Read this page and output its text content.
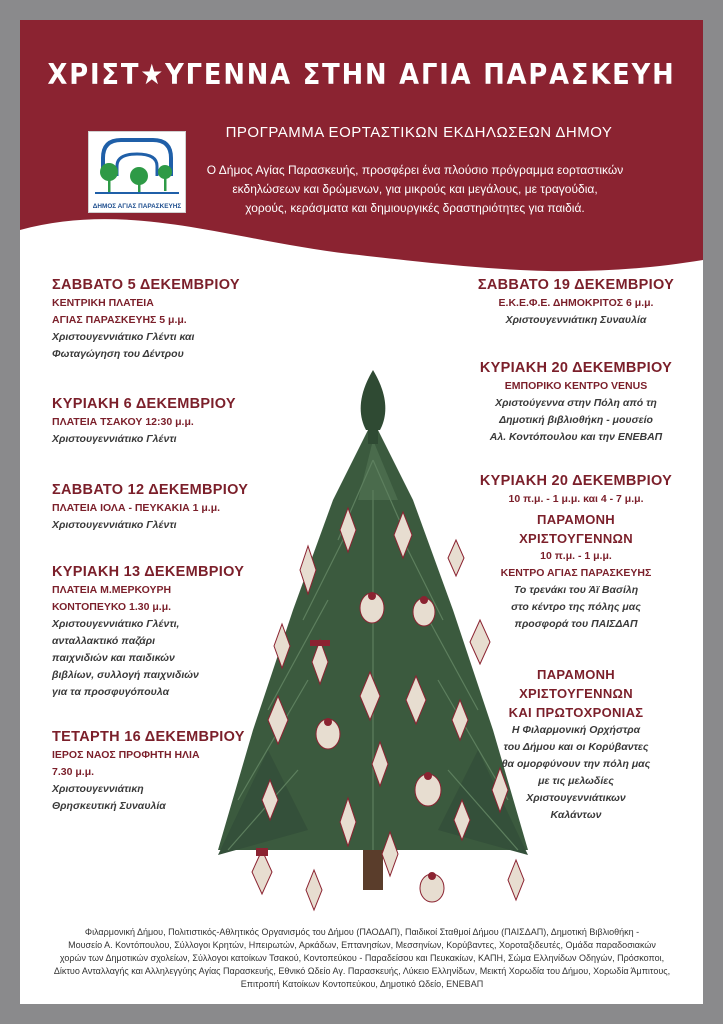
ΧΡΙΣΤ★ΥΓΕΝΝΑ ΣΤΗΝ ΑΓΙΑ ΠΑΡΑΣΚΕΥΗ
ΠΡΟΓΡΑΜΜΑ ΕΟΡΤΑΣΤΙΚΩΝ ΕΚΔΗΛΩΣΕΩΝ ΔΗΜΟΥ
ΔΗΜΟΣ ΑΓΙΑΣ ΠΑΡΑΣΚΕΥΗΣ
Ο Δήμος Αγίας Παρασκευής, προσφέρει ένα πλούσιο πρόγραμμα εορταστικών
εκδηλώσεων και δρώμενων, για μικρούς και μεγάλους, με τραγούδια,
χορούς, κεράσματα και δημιουργικές δραστηριότητες για παιδιά.
ΣΑΒΒΑΤΟ 5 ΔΕΚΕΜΒΡΙΟΥ
ΚΕΝΤΡΙΚΗ ΠΛΑΤΕΙΑ
ΑΓΙΑΣ ΠΑΡΑΣΚΕΥΗΣ 5 μ.μ.
Χριστουγεννιάτικο Γλέντι και
Φωταγώγηση του Δέντρου
ΚΥΡΙΑΚΗ 6 ΔΕΚΕΜΒΡΙΟΥ
ΠΛΑΤΕΙΑ ΤΣΑΚΟΥ 12:30 μ.μ.
Χριστουγεννιάτικο Γλέντι
ΣΑΒΒΑΤΟ 12 ΔΕΚΕΜΒΡΙΟΥ
ΠΛΑΤΕΙΑ ΙΟΛΑ - ΠΕΥΚΑΚΙΑ 1 μ.μ.
Χριστουγεννιάτικο Γλέντι
ΚΥΡΙΑΚΗ 13 ΔΕΚΕΜΒΡΙΟΥ
ΠΛΑΤΕΙΑ Μ.ΜΕΡΚΟΥΡΗ
ΚΟΝΤΟΠΕΥΚΟ 1.30 μ.μ.
Χριστουγεννιάτικο Γλέντι,
ανταλλακτικό παζάρι
παιχνιδιών και παιδικών
βιβλίων, συλλογή παιχνιδιών
για τα προσφυγόπουλα
ΤΕΤΑΡΤΗ 16 ΔΕΚΕΜΒΡΙΟΥ
ΙΕΡΟΣ ΝΑΟΣ ΠΡΟΦΗΤΗ ΗΛΙΑ
7.30 μ.μ.
Χριστουγεννιάτικη
Θρησκευτική Συναυλία
ΣΑΒΒΑΤΟ 19 ΔΕΚΕΜΒΡΙΟΥ
Ε.Κ.Ε.Φ.Ε. ΔΗΜΟΚΡΙΤΟΣ 6 μ.μ.
Χριστουγεννιάτικη Συναυλία
ΚΥΡΙΑΚΗ 20 ΔΕΚΕΜΒΡΙΟΥ
ΕΜΠΟΡΙΚΟ ΚΕΝΤΡΟ VENUS
Χριστούγεννα στην Πόλη από τη
Δημοτική βιβλιοθήκη - μουσείο
Αλ. Κοντόπουλου και την ΕΝΕΒΑΠ
ΚΥΡΙΑΚΗ 20 ΔΕΚΕΜΒΡΙΟΥ
10 π.μ. - 1 μ.μ. και 4 - 7 μ.μ.
ΠΑΡΑΜΟΝΗ
ΧΡΙΣΤΟΥΓΕΝΝΩΝ
10 π.μ. - 1 μ.μ.
ΚΕΝΤΡΟ ΑΓΙΑΣ ΠΑΡΑΣΚΕΥΗΣ
Το τρενάκι του Άϊ Βασίλη
στο κέντρο της πόλης μας
προσφορά του ΠΑΙΣΔΑΠ
ΠΑΡΑΜΟΝΗ
ΧΡΙΣΤΟΥΓΕΝΝΩΝ
ΚΑΙ ΠΡΩΤΟΧΡΟΝΙΑΣ
Η Φιλαρμονική Ορχήστρα
του Δήμου και οι Κορύβαντες
θα ομορφύνουν την πόλη μας
με τις μελωδίες
Χριστουγεννιάτικων
Καλάντων
Φιλαρμονική Δήμου, Πολιτιστικός-Αθλητικός Οργανισμός του Δήμου (ΠΑΟΔΑΠ), Παιδικοί Σταθμοί Δήμου (ΠΑΙΣΔΑΠ), Δημοτική Βιβλιοθήκη -
Μουσείο Α. Κοντόπουλου, Σύλλογοι Κρητών, Ηπειρωτών, Αρκάδων, Επτανησίων, Μεσσηνίων, Κορύβαντες, Χοροταξιδευτές, Ομάδα παραδοσιακών
χορών των Δημοτικών σχολείων, Σύλλογοι κατοίκων Τσακού, Κοντοπεύκου - Παραδείσου και Πευκακίων, ΚΑΠΗ, Σώμα Ελληνίδων Οδηγών, Πρόσκοποι,
Δίκτυο Ανταλλαγής και Αλληλεγγύης Αγίας Παρασκευής, Εθνικό Ωδείο Αγ. Παρασκευής, Λύκειο Ελληνίδων, Μεικτή Χορωδία του Δήμου, Χορωδία Άμπιτους,
Επιτροπή Κατοίκων Κοντοπεύκου, Δημοτικό Ωδείο, ΕΝΕΒΑΠ
